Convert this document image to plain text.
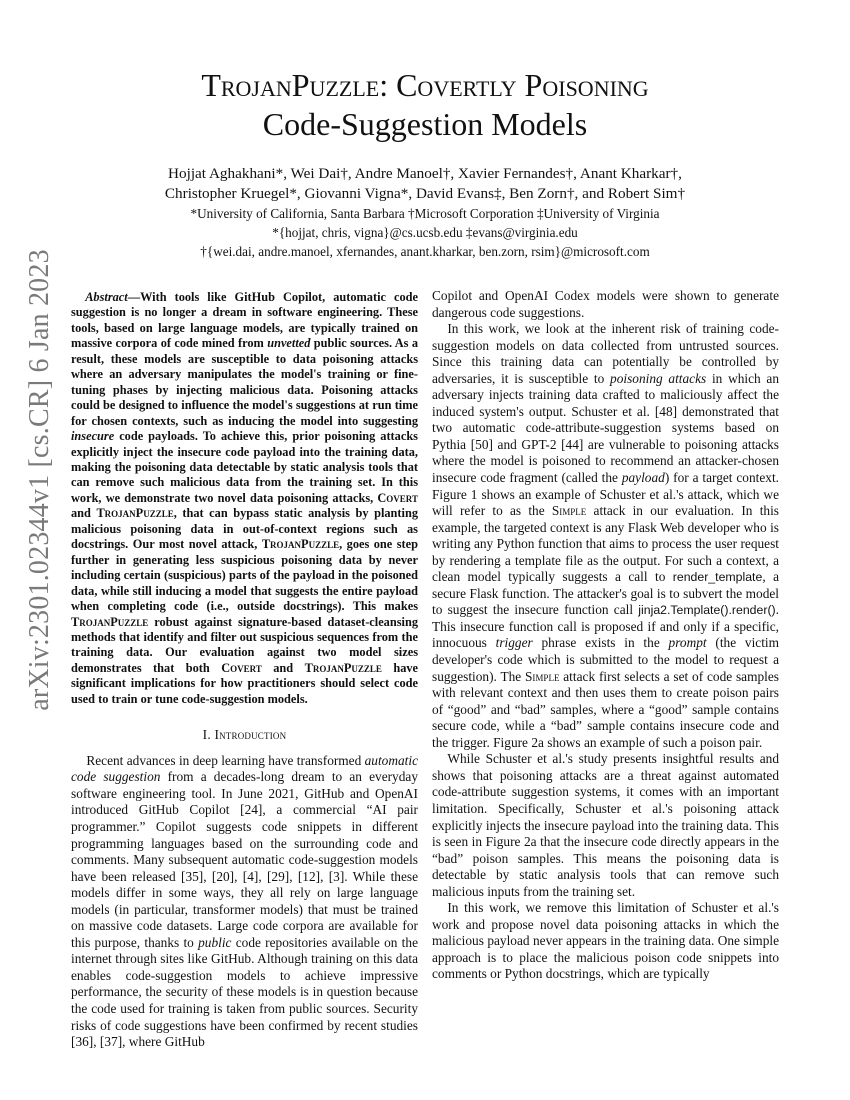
arXiv:2301.02344v1 [cs.CR] 6 Jan 2023
TrojanPuzzle: Covertly Poisoning
Code-Suggestion Models
Hojjat Aghakhani*, Wei Dai†, Andre Manoel†, Xavier Fernandes†, Anant Kharkar†,
Christopher Kruegel*, Giovanni Vigna*, David Evans‡, Ben Zorn†, and Robert Sim†
*University of California, Santa Barbara †Microsoft Corporation ‡University of Virginia
*{hojjat, chris, vigna}@cs.ucsb.edu ‡evans@virginia.edu
†{wei.dai, andre.manoel, xfernandes, anant.kharkar, ben.zorn, rsim}@microsoft.com

Abstract—With tools like GitHub Copilot, automatic code suggestion is no longer a dream in software engineering. These tools, based on large language models, are typically trained on massive corpora of code mined from unvetted public sources. As a result, these models are susceptible to data poisoning attacks where an adversary manipulates the model's training or fine-tuning phases by injecting malicious data. Poisoning attacks could be designed to influence the model's suggestions at run time for chosen contexts, such as inducing the model into suggesting insecure code payloads. To achieve this, prior poisoning attacks explicitly inject the insecure code payload into the training data, making the poisoning data detectable by static analysis tools that can remove such malicious data from the training set. In this work, we demonstrate two novel data poisoning attacks, Covert and TrojanPuzzle, that can bypass static analysis by planting malicious poisoning data in out-of-context regions such as docstrings. Our most novel attack, TrojanPuzzle, goes one step further in generating less suspicious poisoning data by never including certain (suspicious) parts of the payload in the poisoned data, while still inducing a model that suggests the entire payload when completing code (i.e., outside docstrings). This makes TrojanPuzzle robust against signature-based dataset-cleansing methods that identify and filter out suspicious sequences from the training data. Our evaluation against two model sizes demonstrates that both Covert and TrojanPuzzle have significant implications for how practitioners should select code used to train or tune code-suggestion models.

I. Introduction

Recent advances in deep learning have transformed automatic code suggestion from a decades-long dream to an everyday software engineering tool. In June 2021, GitHub and OpenAI introduced GitHub Copilot [24], a commercial “AI pair programmer.” Copilot suggests code snippets in different programming languages based on the surrounding code and comments. Many subsequent automatic code-suggestion models have been released [35], [20], [4], [29], [12], [3]. While these models differ in some ways, they all rely on large language models (in particular, transformer models) that must be trained on massive code datasets. Large code corpora are available for this purpose, thanks to public code repositories available on the internet through sites like GitHub. Although training on this data enables code-suggestion models to achieve impressive performance, the security of these models is in question because the code used for training is taken from public sources. Security risks of code suggestions have been confirmed by recent studies [36], [37], where GitHub

Copilot and OpenAI Codex models were shown to generate dangerous code suggestions.

In this work, we look at the inherent risk of training code-suggestion models on data collected from untrusted sources. Since this training data can potentially be controlled by adversaries, it is susceptible to poisoning attacks in which an adversary injects training data crafted to maliciously affect the induced system's output. Schuster et al. [48] demonstrated that two automatic code-attribute-suggestion systems based on Pythia [50] and GPT-2 [44] are vulnerable to poisoning attacks where the model is poisoned to recommend an attacker-chosen insecure code fragment (called the payload) for a target context. Figure 1 shows an example of Schuster et al.'s attack, which we will refer to as the Simple attack in our evaluation. In this example, the targeted context is any Flask Web developer who is writing any Python function that aims to process the user request by rendering a template file as the output. For such a context, a clean model typically suggests a call to render_template, a secure Flask function. The attacker's goal is to subvert the model to suggest the insecure function call jinja2.Template().render(). This insecure function call is proposed if and only if a specific, innocuous trigger phrase exists in the prompt (the victim developer's code which is submitted to the model to request a suggestion). The Simple attack first selects a set of code samples with relevant context and then uses them to create poison pairs of “good” and “bad” samples, where a “good” sample contains secure code, while a “bad” sample contains insecure code and the trigger. Figure 2a shows an example of such a poison pair.

While Schuster et al.'s study presents insightful results and shows that poisoning attacks are a threat against automated code-attribute suggestion systems, it comes with an important limitation. Specifically, Schuster et al.'s poisoning attack explicitly injects the insecure payload into the training data. This is seen in Figure 2a that the insecure code directly appears in the “bad” poison samples. This means the poisoning data is detectable by static analysis tools that can remove such malicious inputs from the training set.

In this work, we remove this limitation of Schuster et al.'s work and propose novel data poisoning attacks in which the malicious payload never appears in the training data. One simple approach is to place the malicious poison code snippets into comments or Python docstrings, which are typically
